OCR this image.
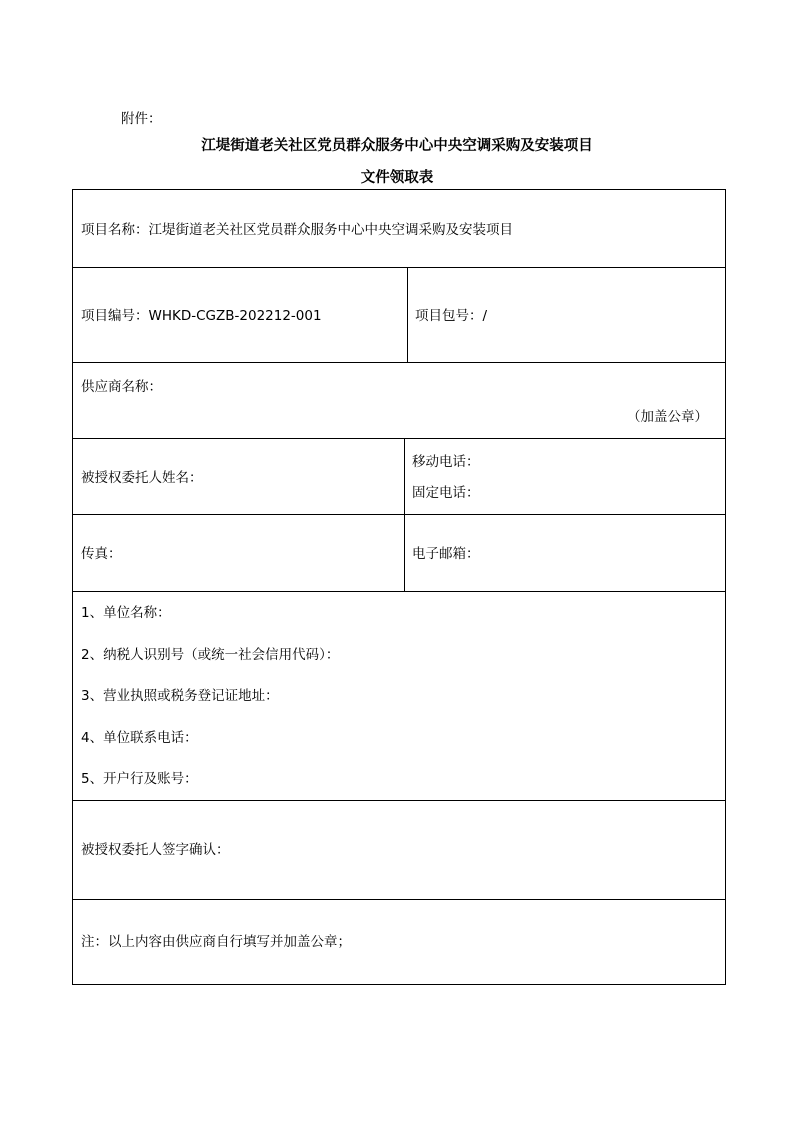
附件：
江堤街道老关社区党员群众服务中心中央空调采购及安装项目
文件领取表
项目名称：江堤街道老关社区党员群众服务中心中央空调采购及安装项目
项目编号：WHKD-CGZB-202212-001	项目包号：/
供应商名称：
（加盖公章）
被授权委托人姓名：
移动电话：
固定电话：
传真：	电子邮箱：
1、单位名称：
2、纳税人识别号（或统一社会信用代码）：
3、营业执照或税务登记证地址：
4、单位联系电话：
5、开户行及账号：
被授权委托人签字确认：
注：以上内容由供应商自行填写并加盖公章；
